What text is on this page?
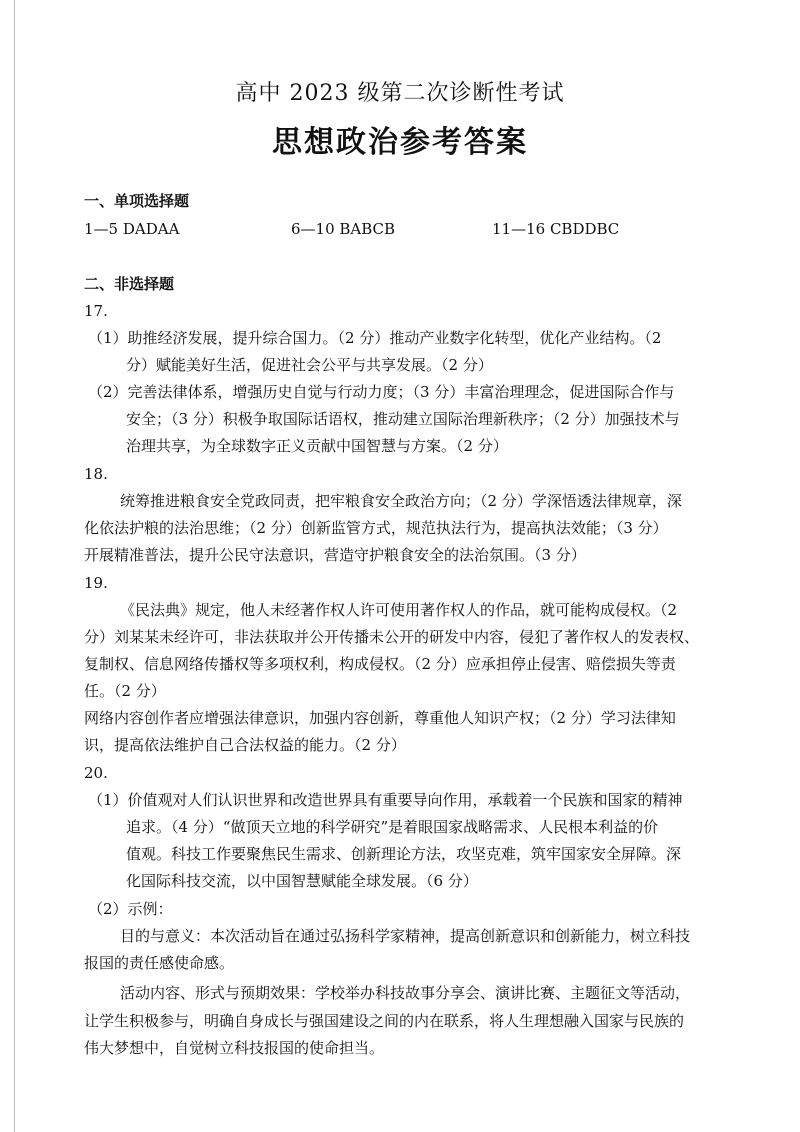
高中 2023 级第二次诊断性考试
思想政治参考答案
一、单项选择题
1—5 DADAA	6—10 BABCB	11—16 CBDDBC
二、非选择题
17.
（1）助推经济发展，提升综合国力。（2 分）推动产业数字化转型，优化产业结构。（2
分）赋能美好生活，促进社会公平与共享发展。（2 分）
（2）完善法律体系，增强历史自觉与行动力度；（3 分）丰富治理理念，促进国际合作与
安全；（3 分）积极争取国际话语权，推动建立国际治理新秩序；（2 分）加强技术与
治理共享，为全球数字正义贡献中国智慧与方案。（2 分）
18.
统筹推进粮食安全党政同责，把牢粮食安全政治方向；（2 分）学深悟透法律规章，深
化依法护粮的法治思维；（2 分）创新监管方式，规范执法行为，提高执法效能；（3 分）
开展精准普法，提升公民守法意识，营造守护粮食安全的法治氛围。（3 分）
19.
《民法典》规定，他人未经著作权人许可使用著作权人的作品，就可能构成侵权。（2
分）刘某某未经许可，非法获取并公开传播未公开的研发中内容，侵犯了著作权人的发表权、
复制权、信息网络传播权等多项权利，构成侵权。（2 分）应承担停止侵害、赔偿损失等责
任。（2 分）
网络内容创作者应增强法律意识，加强内容创新，尊重他人知识产权；（2 分）学习法律知
识，提高依法维护自己合法权益的能力。（2 分）
20.
（1）价值观对人们认识世界和改造世界具有重要导向作用，承载着一个民族和国家的精神
追求。（4 分）“做顶天立地的科学研究”是着眼国家战略需求、人民根本利益的价
值观。科技工作要聚焦民生需求、创新理论方法，攻坚克难，筑牢国家安全屏障。深
化国际科技交流，以中国智慧赋能全球发展。（6 分）
（2）示例：
目的与意义：本次活动旨在通过弘扬科学家精神，提高创新意识和创新能力，树立科技
报国的责任感使命感。
活动内容、形式与预期效果：学校举办科技故事分享会、演讲比赛、主题征文等活动，
让学生积极参与，明确自身成长与强国建设之间的内在联系，将人生理想融入国家与民族的
伟大梦想中，自觉树立科技报国的使命担当。
